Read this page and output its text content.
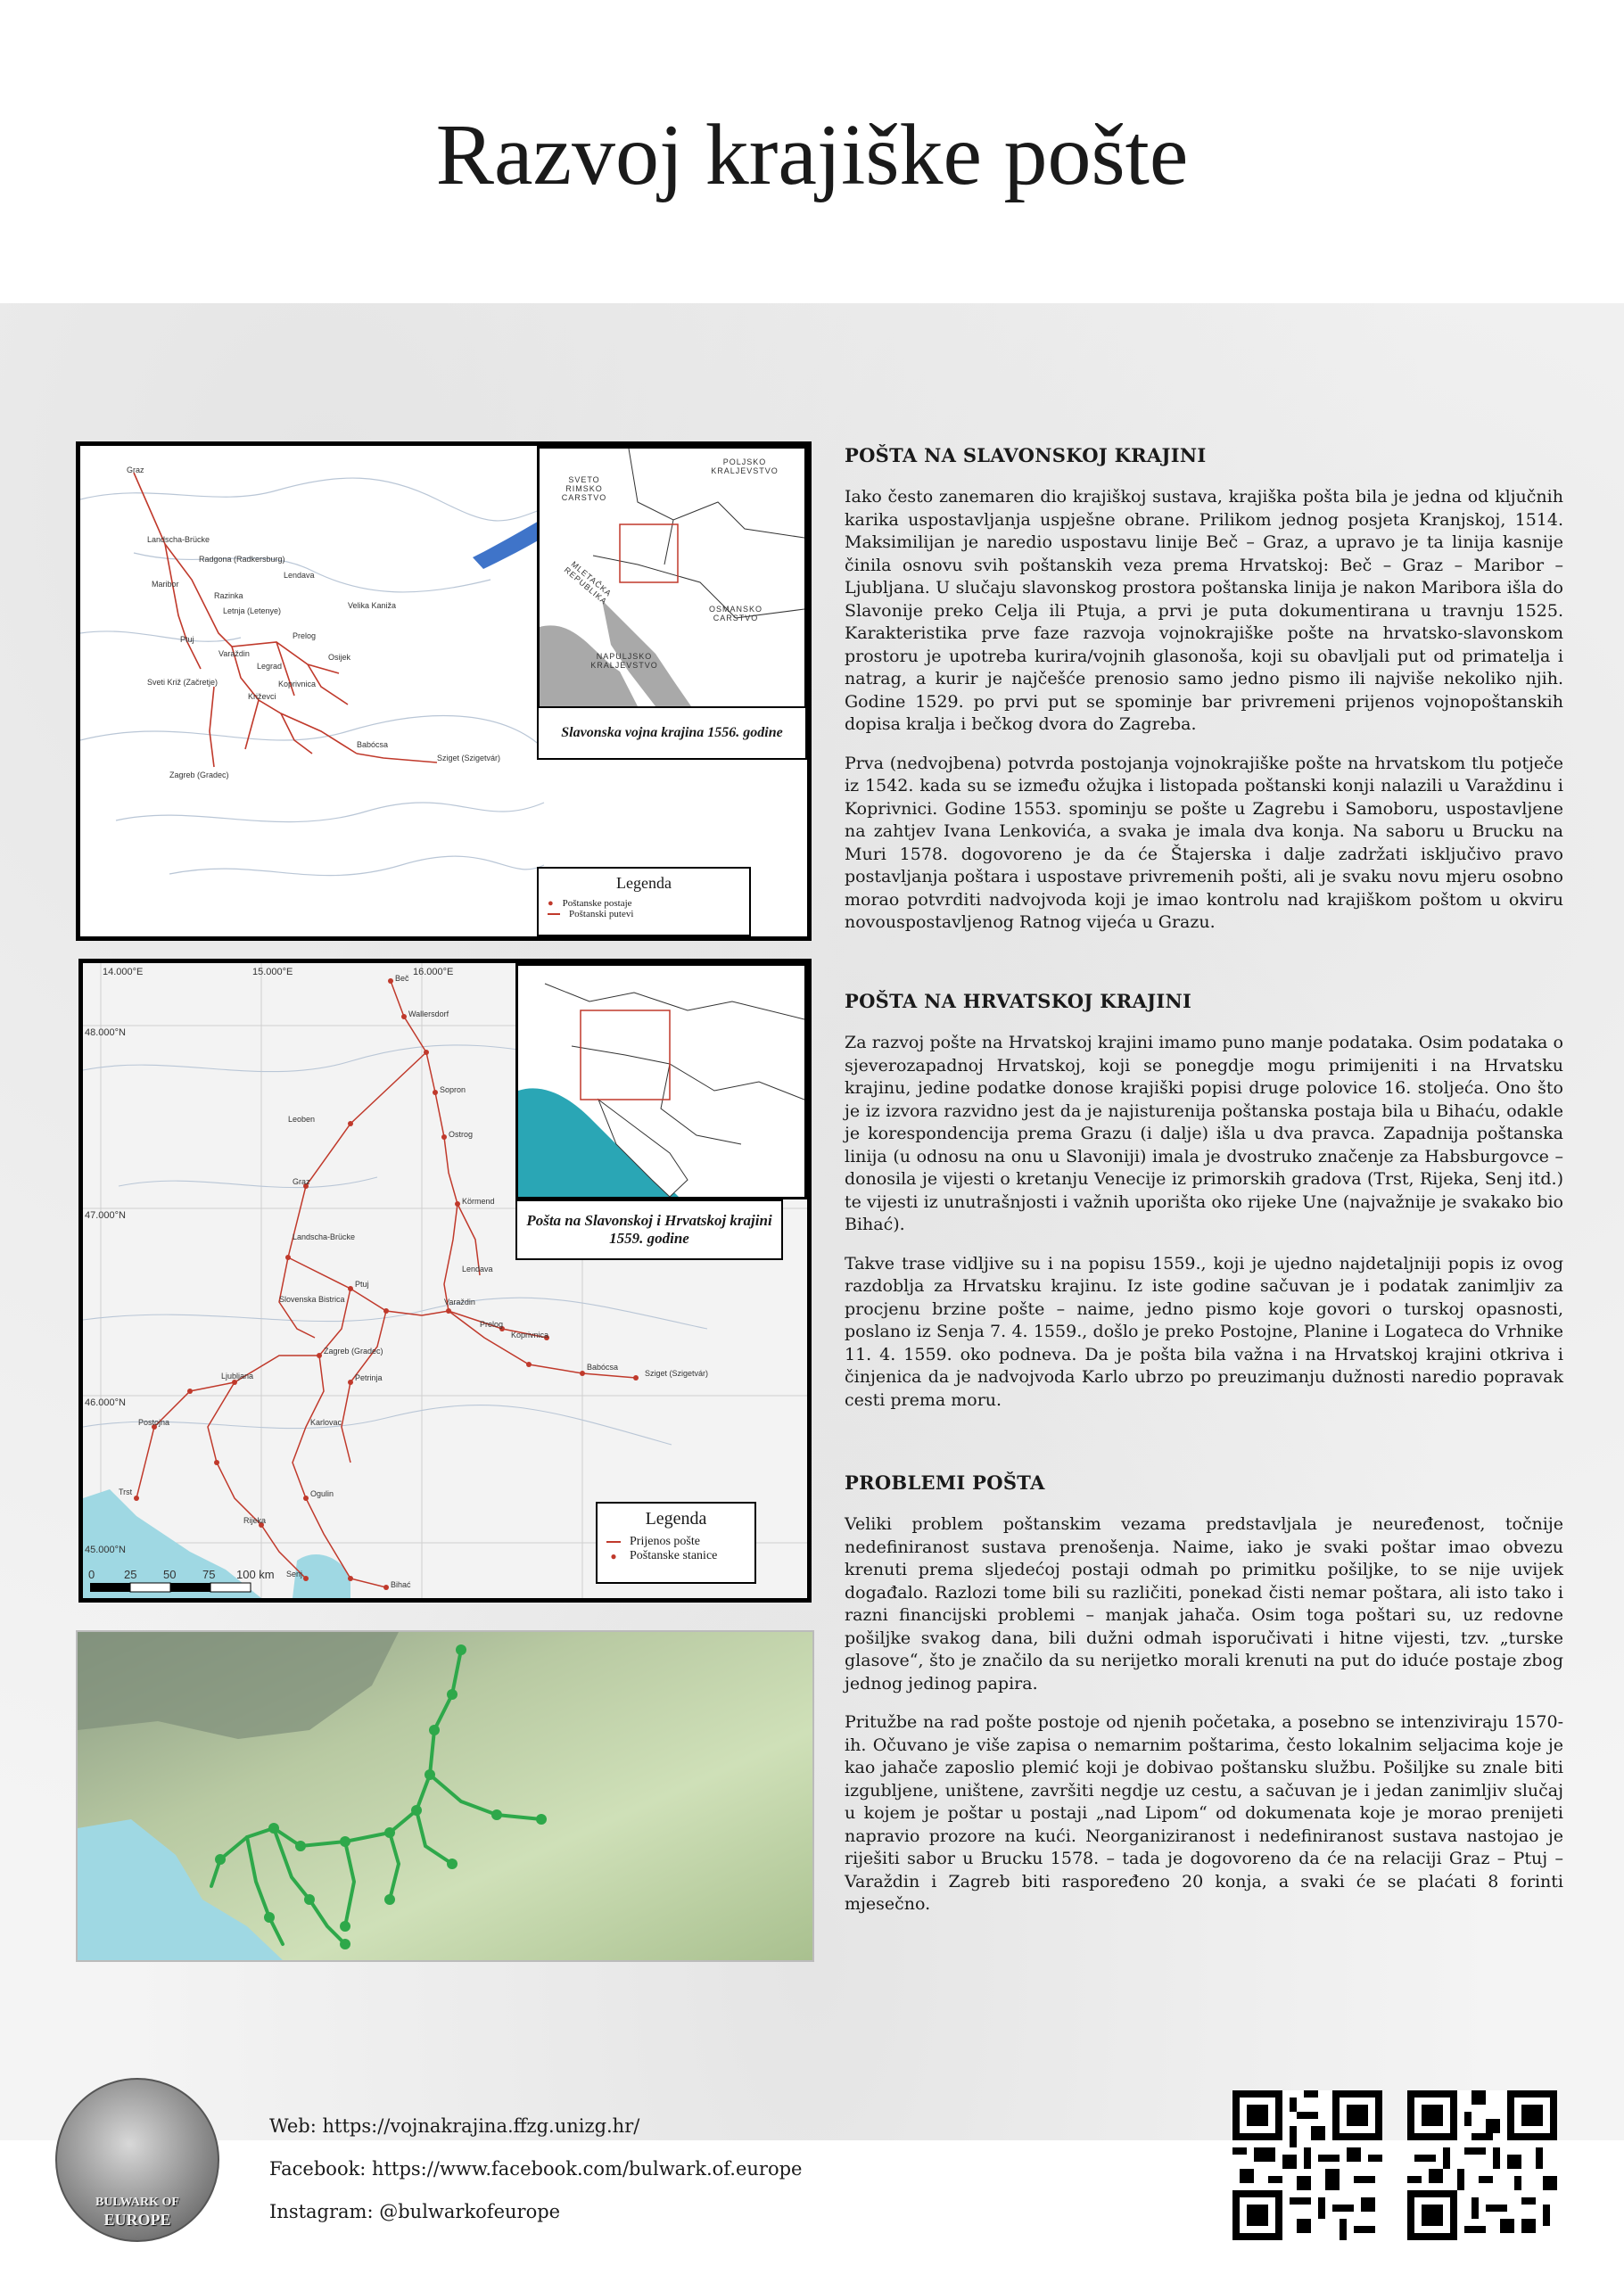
Razvoj krajiške pošte
Graz
Landscha-Brücke
Radgona (Radkersburg)
Maribor
Lendava
Ptuj
Razinka
Letnja (Letenye)
Velika Kaniža
Varaždin
Prelog
Legrad
Sveti Križ (Začretje)	Koprivnica
Osijek
Križevci
Babócsa
Sziget (Szigetvár)
Zagreb (Gradec)
SVETO RIMSKO CARSTVO
POLJSKO KRALJEVSTVO
OSMANSKO CARSTVO
MLETAČKA REPUBLIKA
NAPULJSKO KRALJEVSTVO
Slavonska vojna krajina 1556. godine
Legenda
● Poštanske postaje
Poštanski putevi
14.000°E	15.000°E	16.000°E
48.000°N
47.000°N
46.000°N
45.000°N
0	25 50 75 100 km
Beč
Wallersdorf
Sopron
Leoben
Graz
Ostrog
Körmend
Landscha-Brücke
Lendava
Ptuj
Slovenska Bistrica
Prelog
Varaždin
Zagreb (Gradec)
Ljubljana
Koprivnica
Sziget (Szigetvár)
Babócsa
Postojna
Trst
Rijeka
Senj
Bihać
Karlovac
Ogulin
Petrinja
Pošta na Slavonskoj i Hrvatskoj krajini 1559. godine
Legenda
Prijenos pošte
●	Poštanske stanice
POŠTA NA SLAVONSKOJ KRAJINI

Iako često zanemaren dio krajiškoj sustava, krajiška pošta bila je jedna od ključnih karika uspostavljanja uspješne obrane. Prilikom jednog posjeta Kranjskoj, 1514. Maksimilijan je naredio uspostavu linije Beč – Graz, a upravo je ta linija kasnije činila osnovu svih poštanskih veza prema Hrvatskoj: Beč – Graz – Maribor – Ljubljana. U slučaju slavonskog prostora poštanska linija je nakon Maribora išla do Slavonije preko Celja ili Ptuja, a prvi je puta dokumentirana u travnju 1525. Karakteristika prve faze razvoja vojnokrajiške pošte na hrvatsko-slavonskom prostoru je upotreba kurira/vojnih glasonoša, koji su obavljali put od primatelja i natrag, a kurir je najčešće prenosio samo jedno pismo ili najviše nekoliko njih. Godine 1529. po prvi put se spominje bar privremeni prijenos vojnopoštanskih dopisa kralja i bečkog dvora do Zagreba.

Prva (nedvojbena) potvrda postojanja vojnokrajiške pošte na hrvatskom tlu potječe iz 1542. kada su se između ožujka i listopada poštanski konji nalazili u Varaždinu i Koprivnici. Godine 1553. spominju se pošte u Zagrebu i Samoboru, uspostavljene na zahtjev Ivana Lenkovića, a svaka je imala dva konja. Na saboru u Brucku na Muri 1578. dogovoreno je da će Štajerska i dalje zadržati isključivo pravo postavljanja poštara i uspostave privremenih pošti, ali je svaku novu mjeru osobno morao potvrditi nadvojvoda koji je imao kontrolu nad krajiškom poštom u okviru novouspostavljenog Ratnog vijeća u Grazu.

POŠTA NA HRVATSKOJ KRAJINI

Za razvoj pošte na Hrvatskoj krajini imamo puno manje podataka. Osim podataka o sjeverozapadnoj Hrvatskoj, koji se ponegdje mogu primijeniti i na Hrvatsku krajinu, jedine podatke donose krajiški popisi druge polovice 16. stoljeća. Ono što je iz izvora razvidno jest da je najisturenija poštanska postaja bila u Bihaću, odakle je korespondencija prema Grazu (i dalje) išla u dva pravca. Zapadnija poštanska linija (u odnosu na onu u Slavoniji) imala je dvostruko značenje za Habsburgovce – donosila je vijesti o kretanju Venecije iz primorskih gradova (Trst, Rijeka, Senj itd.) te vijesti iz unutrašnjosti i važnih uporišta oko rijeke Une (najvažnije je svakako bio Bihać).

Takve trase vidljive su i na popisu 1559., koji je ujedno najdetaljniji popis iz ovog razdoblja za Hrvatsku krajinu. Iz iste godine sačuvan je i podatak zanimljiv za procjenu brzine pošte – naime, jedno pismo koje govori o turskoj opasnosti, poslano iz Senja 7. 4. 1559., došlo je preko Postojne, Planine i Logateca do Vrhnike 11. 4. 1559. oko podneva. Da je pošta bila važna i na Hrvatskoj krajini otkriva i činjenica da je nadvojvoda Karlo ubrzo po preuzimanju dužnosti naredio popravak cesti prema moru.

PROBLEMI POŠTA

Veliki problem poštanskim vezama predstavljala je neuređenost, točnije nedefiniranost sustava prenošenja. Naime, iako je svaki poštar imao obvezu krenuti prema sljedećoj postaji odmah po primitku pošiljke, to se nije uvijek događalo. Razlozi tome bili su različiti, ponekad čisti nemar poštara, ali isto tako i razni financijski problemi – manjak jahača. Osim toga poštari su, uz redovne pošiljke svakog dana, bili dužni odmah isporučivati i hitne vijesti, tzv. „turske glasove“, što je značilo da su nerijetko morali krenuti na put do iduće postaje zbog jednog jedinog papira.

Pritužbe na rad pošte postoje od njenih početaka, a posebno se intenziviraju 1570-ih. Očuvano je više zapisa o nemarnim poštarima, često lokalnim seljacima koje je kao jahače zaposlio plemić koji je dobivao poštansku službu. Pošiljke su znale biti izgubljene, uništene, završiti negdje uz cestu, a sačuvan je i jedan zanimljiv slučaj u kojem je poštar u postaji „nad Lipom“ od dokumenata koje je morao prenijeti napravio prozore na kući. Neorganiziranost i nedefiniranost sustava nastojao je riješiti sabor u Brucku 1578. – tada je dogovoreno da će na relaciji Graz – Ptuj – Varaždin i Zagreb biti raspoređeno 20 konja, a svaki će se plaćati 8 forinti mjesečno.

BULWARK OF
EUROPE
Web: https://vojnakrajina.ffzg.unizg.hr/
Facebook: https://www.facebook.com/bulwark.of.europe
Instagram: @bulwarkofeurope
